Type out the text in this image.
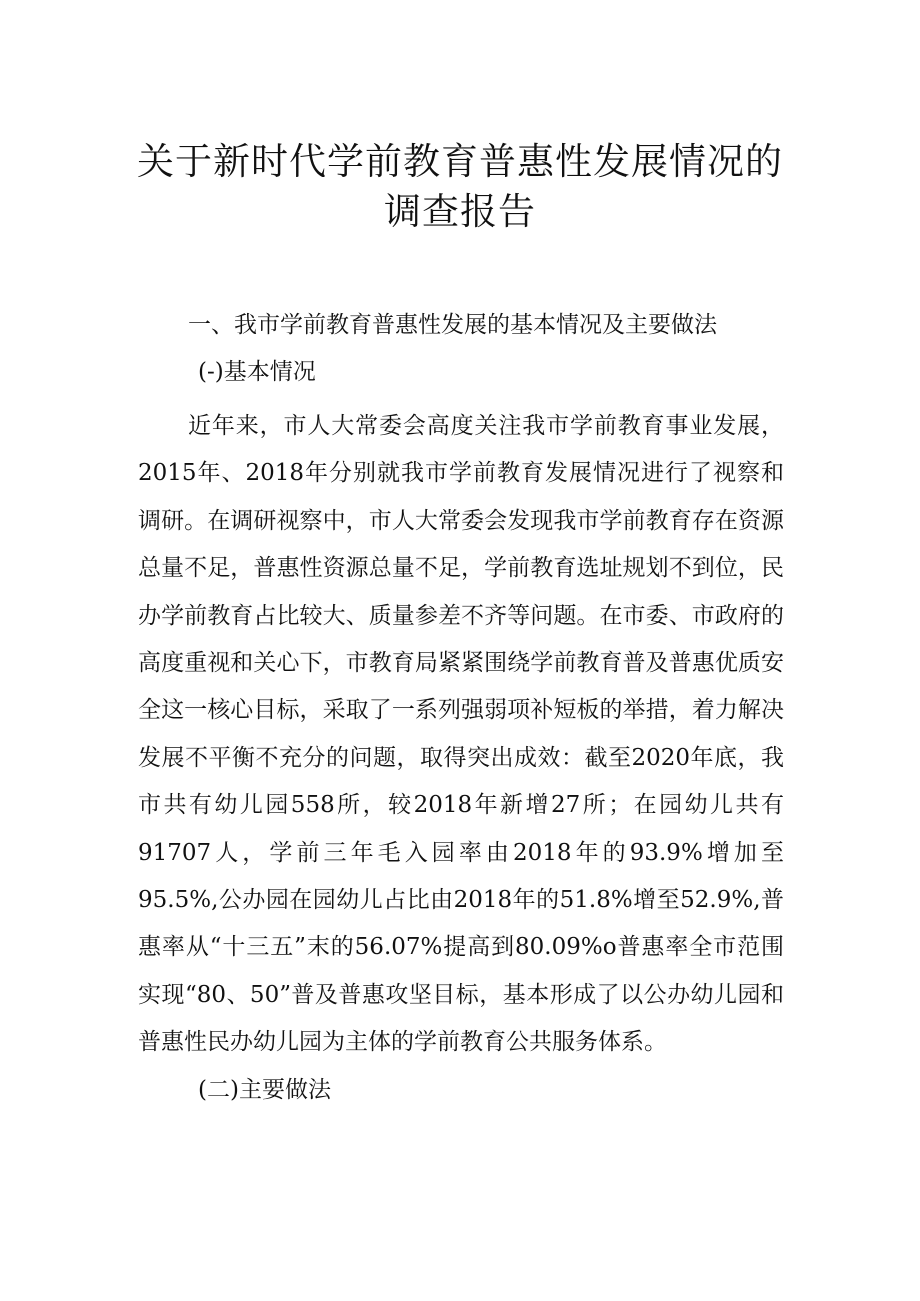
关于新时代学前教育普惠性发展情况的调查报告
一、我市学前教育普惠性发展的基本情况及主要做法
(-)基本情况

近年来，市人大常委会高度关注我市学前教育事业发展，2015年、2018年分别就我市学前教育发展情况进行了视察和调研。在调研视察中，市人大常委会发现我市学前教育存在资源总量不足，普惠性资源总量不足，学前教育选址规划不到位，民办学前教育占比较大、质量参差不齐等问题。在市委、市政府的高度重视和关心下，市教育局紧紧围绕学前教育普及普惠优质安全这一核心目标，采取了一系列强弱项补短板的举措，着力解决发展不平衡不充分的问题，取得突出成效：截至2020年底，我市共有幼儿园558所，较2018年新增27所；在园幼儿共有91707人，学前三年毛入园率由2018年的93.9%增加至95.5%,公办园在园幼儿占比由2018年的51.8%增至52.9%,普惠率从“十三五”末的56.07%提高到80.09%o普惠率全市范围实现“80、50”普及普惠攻坚目标，基本形成了以公办幼儿园和普惠性民办幼儿园为主体的学前教育公共服务体系。

(二)主要做法
